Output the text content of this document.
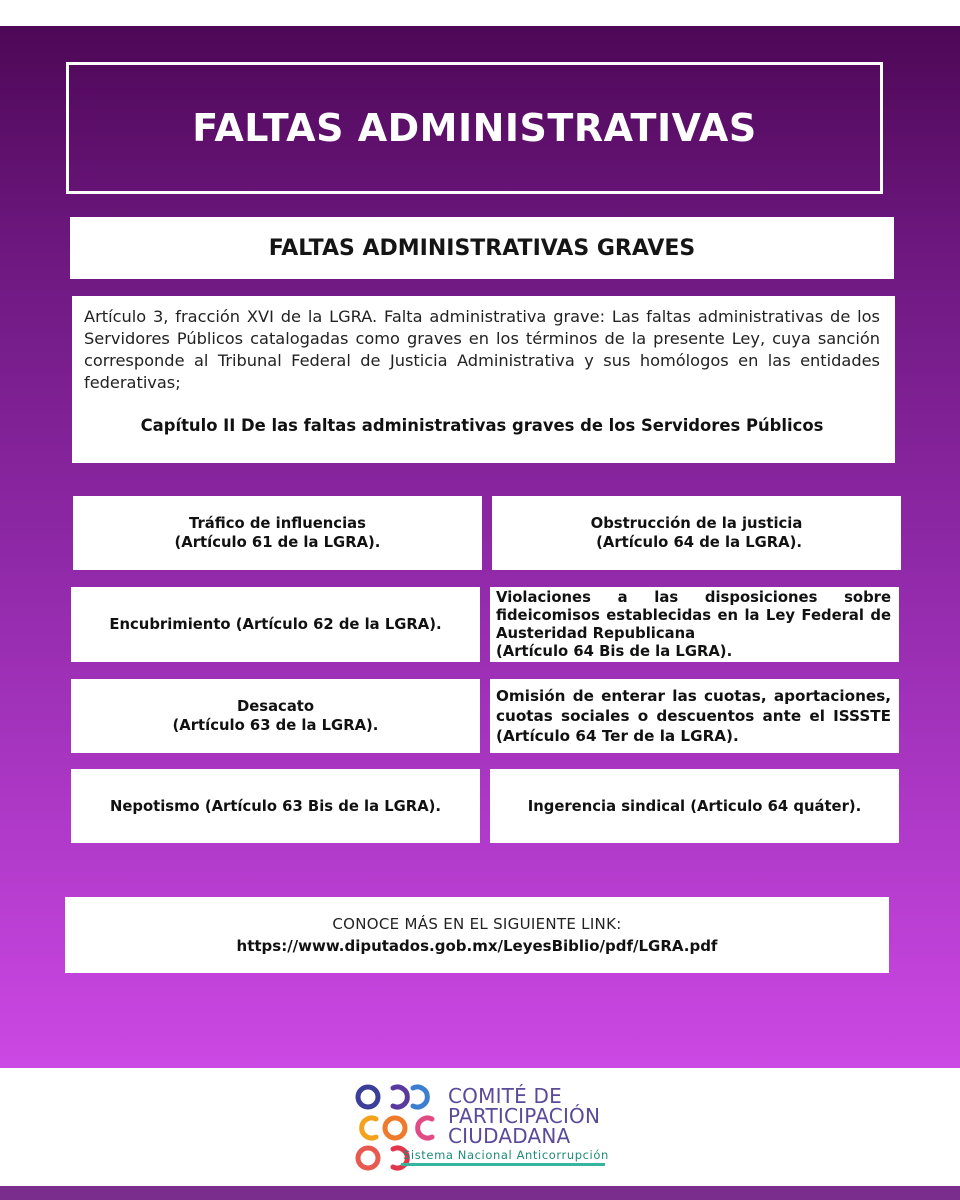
FALTAS ADMINISTRATIVAS
FALTAS ADMINISTRATIVAS GRAVES

Artículo 3, fracción XVI de la LGRA. Falta administrativa grave: Las faltas administrativas de los Servidores Públicos catalogadas como graves en los términos de la presente Ley, cuya sanción corresponde al Tribunal Federal de Justicia Administrativa y sus homólogos en las entidades federativas;

Capítulo II De las faltas administrativas graves de los Servidores Públicos
Tráfico de influencias
(Artículo 61 de la LGRA).
Obstrucción de la justicia
(Artículo 64 de la LGRA).
Encubrimiento (Artículo 62 de la LGRA).
Violaciones a las disposiciones sobre fideicomisos establecidas en la Ley Federal de Austeridad Republicana
(Artículo 64 Bis de la LGRA).
Desacato
(Artículo 63 de la LGRA).
Omisión de enterar las cuotas, aportaciones, cuotas sociales o descuentos ante el ISSSTE (Artículo 64 Ter de la LGRA).
Nepotismo (Artículo 63 Bis de la LGRA).	Ingerencia sindical (Articulo 64 quáter).
CONOCE MÁS EN EL SIGUIENTE LINK:
https://www.diputados.gob.mx/LeyesBiblio/pdf/LGRA.pdf
COMITÉ DE
PARTICIPACIÓN
CIUDADANA
Sistema Nacional Anticorrupción
